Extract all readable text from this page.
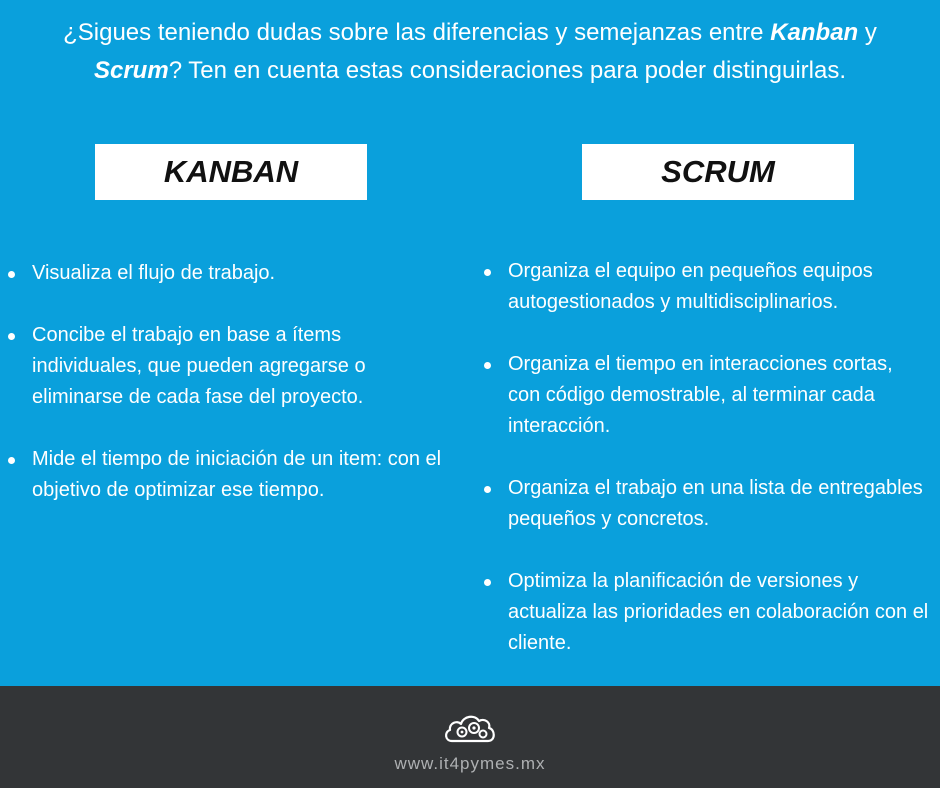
¿Sigues teniendo dudas sobre las diferencias y semejanzas entre Kanban y
Scrum? Ten en cuenta estas consideraciones para poder distinguirlas.
KANBAN	SCRUM
Visualiza el flujo de trabajo.
Concibe el trabajo en base a ítems individuales, que pueden agregarse o eliminarse de cada fase del proyecto.
Mide el tiempo de iniciación de un item: con el objetivo de optimizar ese tiempo.
Organiza el equipo en pequeños equipos autogestionados y multidisciplinarios.
Organiza el tiempo en interacciones cortas, con código demostrable, al terminar cada interacción.
Organiza el trabajo en una lista de entregables pequeños y concretos.
Optimiza la planificación de versiones y actualiza las prioridades en colaboración con el cliente.
www.it4pymes.mx
